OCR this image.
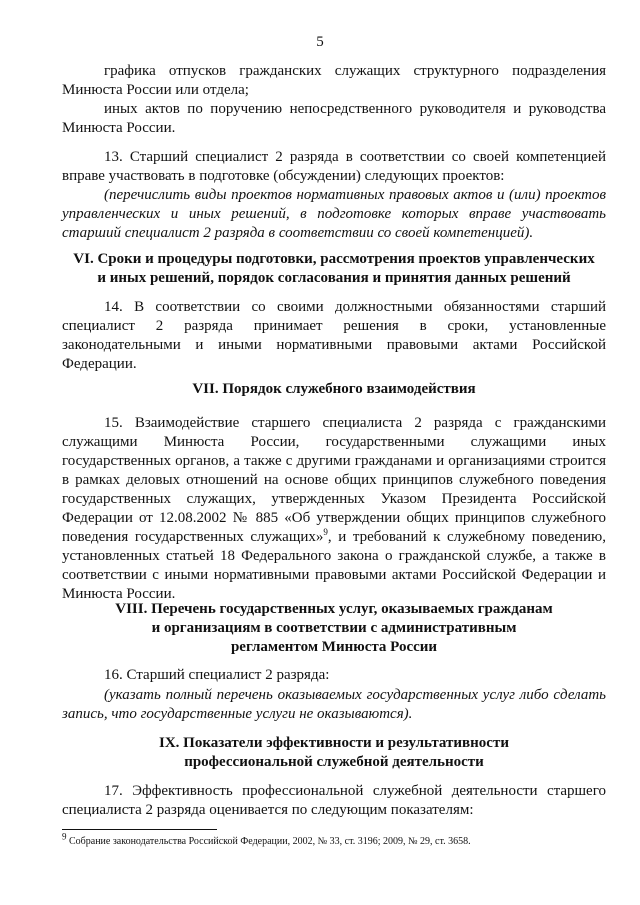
5

графика отпусков гражданских служащих структурного подразделения Минюста России или отдела;

иных актов по поручению непосредственного руководителя и руководства Минюста России.

13. Старший специалист 2 разряда в соответствии со своей компетенцией вправе участвовать в подготовке (обсуждении) следующих проектов:

(перечислить виды проектов нормативных правовых актов и (или) проектов управленческих и иных решений, в подготовке которых вправе участвовать старший специалист 2 разряда в соответствии со своей компетенцией).

VI. Сроки и процедуры подготовки, рассмотрения проектов управленческих
и иных решений, порядок согласования и принятия данных решений

14. В соответствии со своими должностными обязанностями старший специалист 2 разряда принимает решения в сроки, установленные законодательными и иными нормативными правовыми актами Российской Федерации.

VII. Порядок служебного взаимодействия

15. Взаимодействие старшего специалиста 2 разряда с гражданскими служащими Минюста России, государственными служащими иных государственных органов, а также с другими гражданами и организациями строится в рамках деловых отношений на основе общих принципов служебного поведения государственных служащих, утвержденных Указом Президента Российской Федерации от 12.08.2002 № 885 «Об утверждении общих принципов служебного поведения государственных служащих»$^9$, и требований к служебному поведению, установленных статьей 18 Федерального закона о гражданской службе, а также в соответствии с иными нормативными правовыми актами Российской Федерации и Минюста России.

VIII. Перечень государственных услуг, оказываемых гражданам
и организациям в соответствии с административным
регламентом Минюста России

16. Старший специалист 2 разряда:

(указать полный перечень оказываемых государственных услуг либо сделать запись, что государственные услуги не оказываются).

IX. Показатели эффективности и результативности
профессиональной служебной деятельности

17. Эффективность профессиональной служебной деятельности старшего специалиста 2 разряда оценивается по следующим показателям:

$^9$ Собрание законодательства Российской Федерации, 2002, № 33, ст. 3196; 2009, № 29, ст. 3658.
